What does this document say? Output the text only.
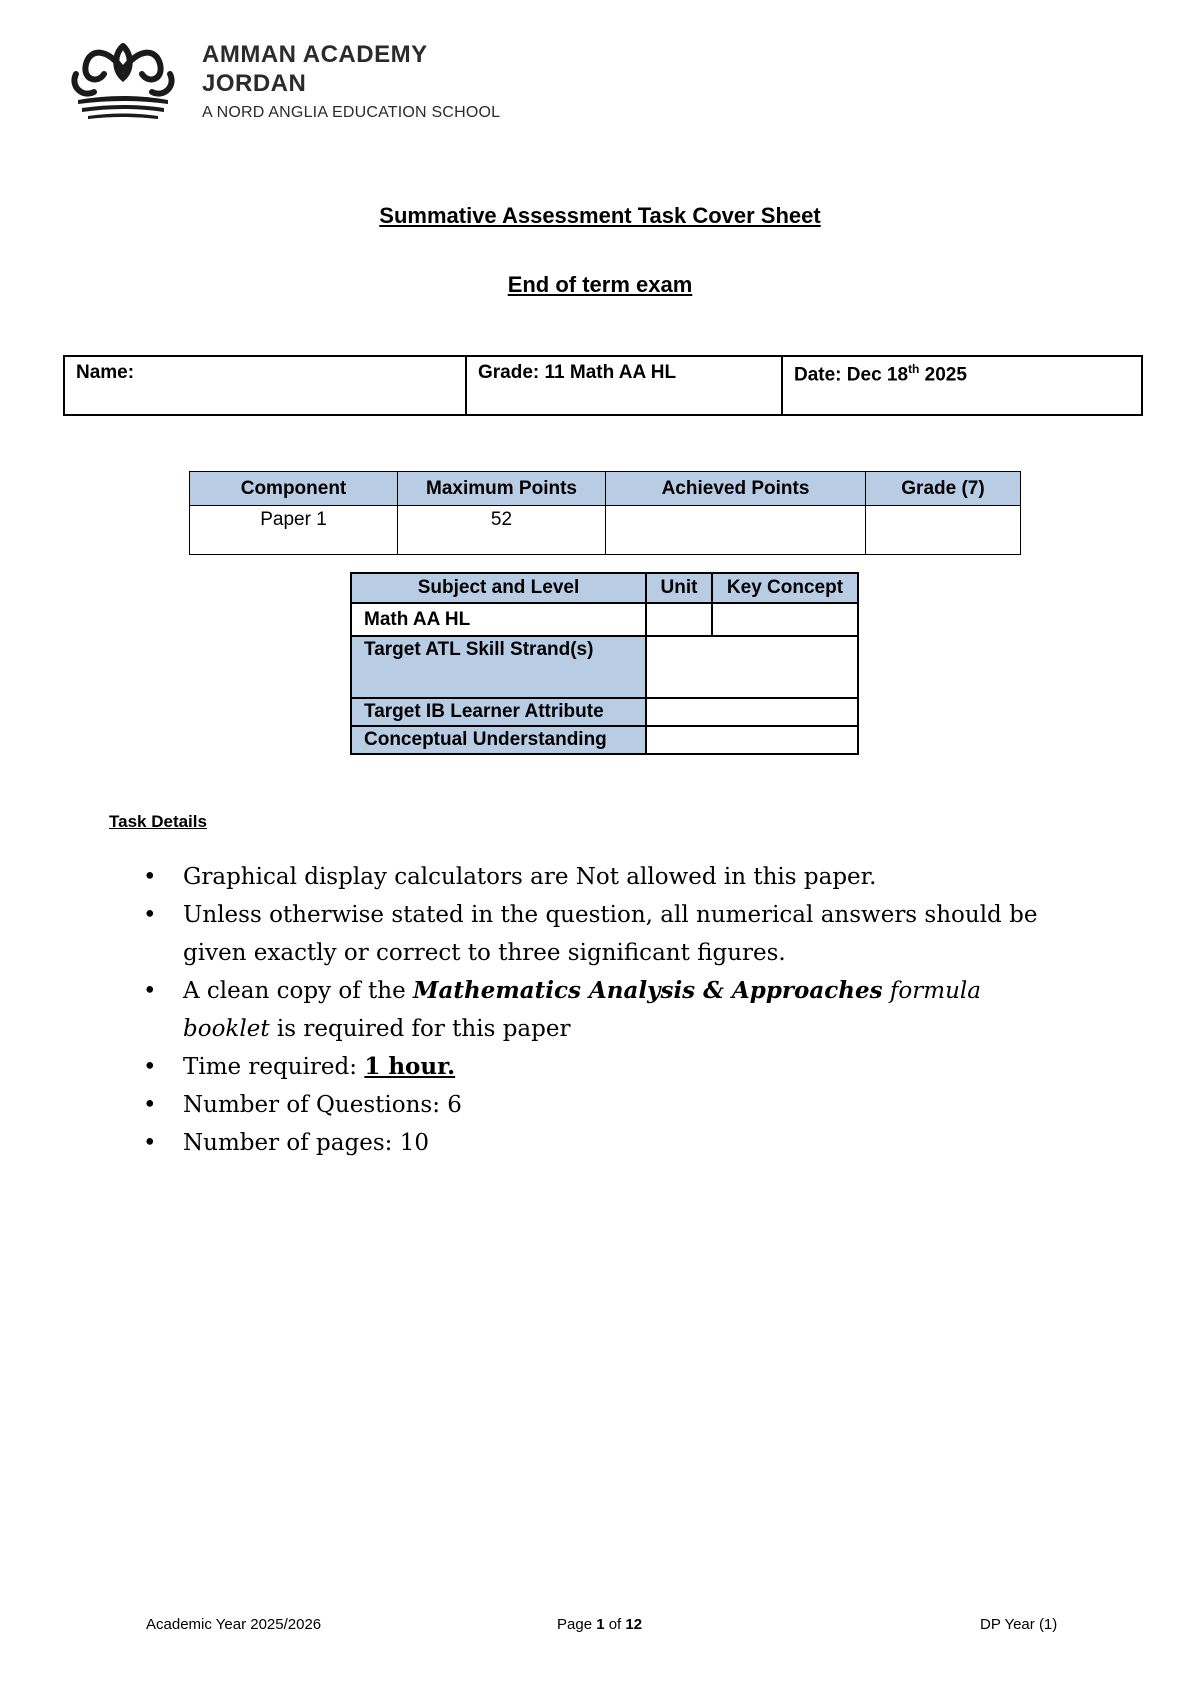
AMMAN ACADEMY
JORDAN
A NORD ANGLIA EDUCATION SCHOOL
Summative Assessment Task Cover Sheet
End of term exam
Name:	Grade: 11 Math AA HL	Date: Dec 18th 2025
Component	Maximum Points	Achieved Points	Grade (7)
Paper 1	52		
Subject and Level	Unit	Key Concept
Math AA HL		
Target ATL Skill Strand(s)		
Target IB Learner Attribute		
Conceptual Understanding		
Task Details
• Graphical display calculators are Not allowed in this paper.
• Unless otherwise stated in the question, all numerical answers should be given exactly or correct to three significant figures.
• A clean copy of the Mathematics Analysis & Approaches formula
booklet is required for this paper
• Time required: 1 hour.
• Number of Questions: 6
• Number of pages: 10
Academic Year 2025/2026	Page 1 of 12	DP Year (1)
